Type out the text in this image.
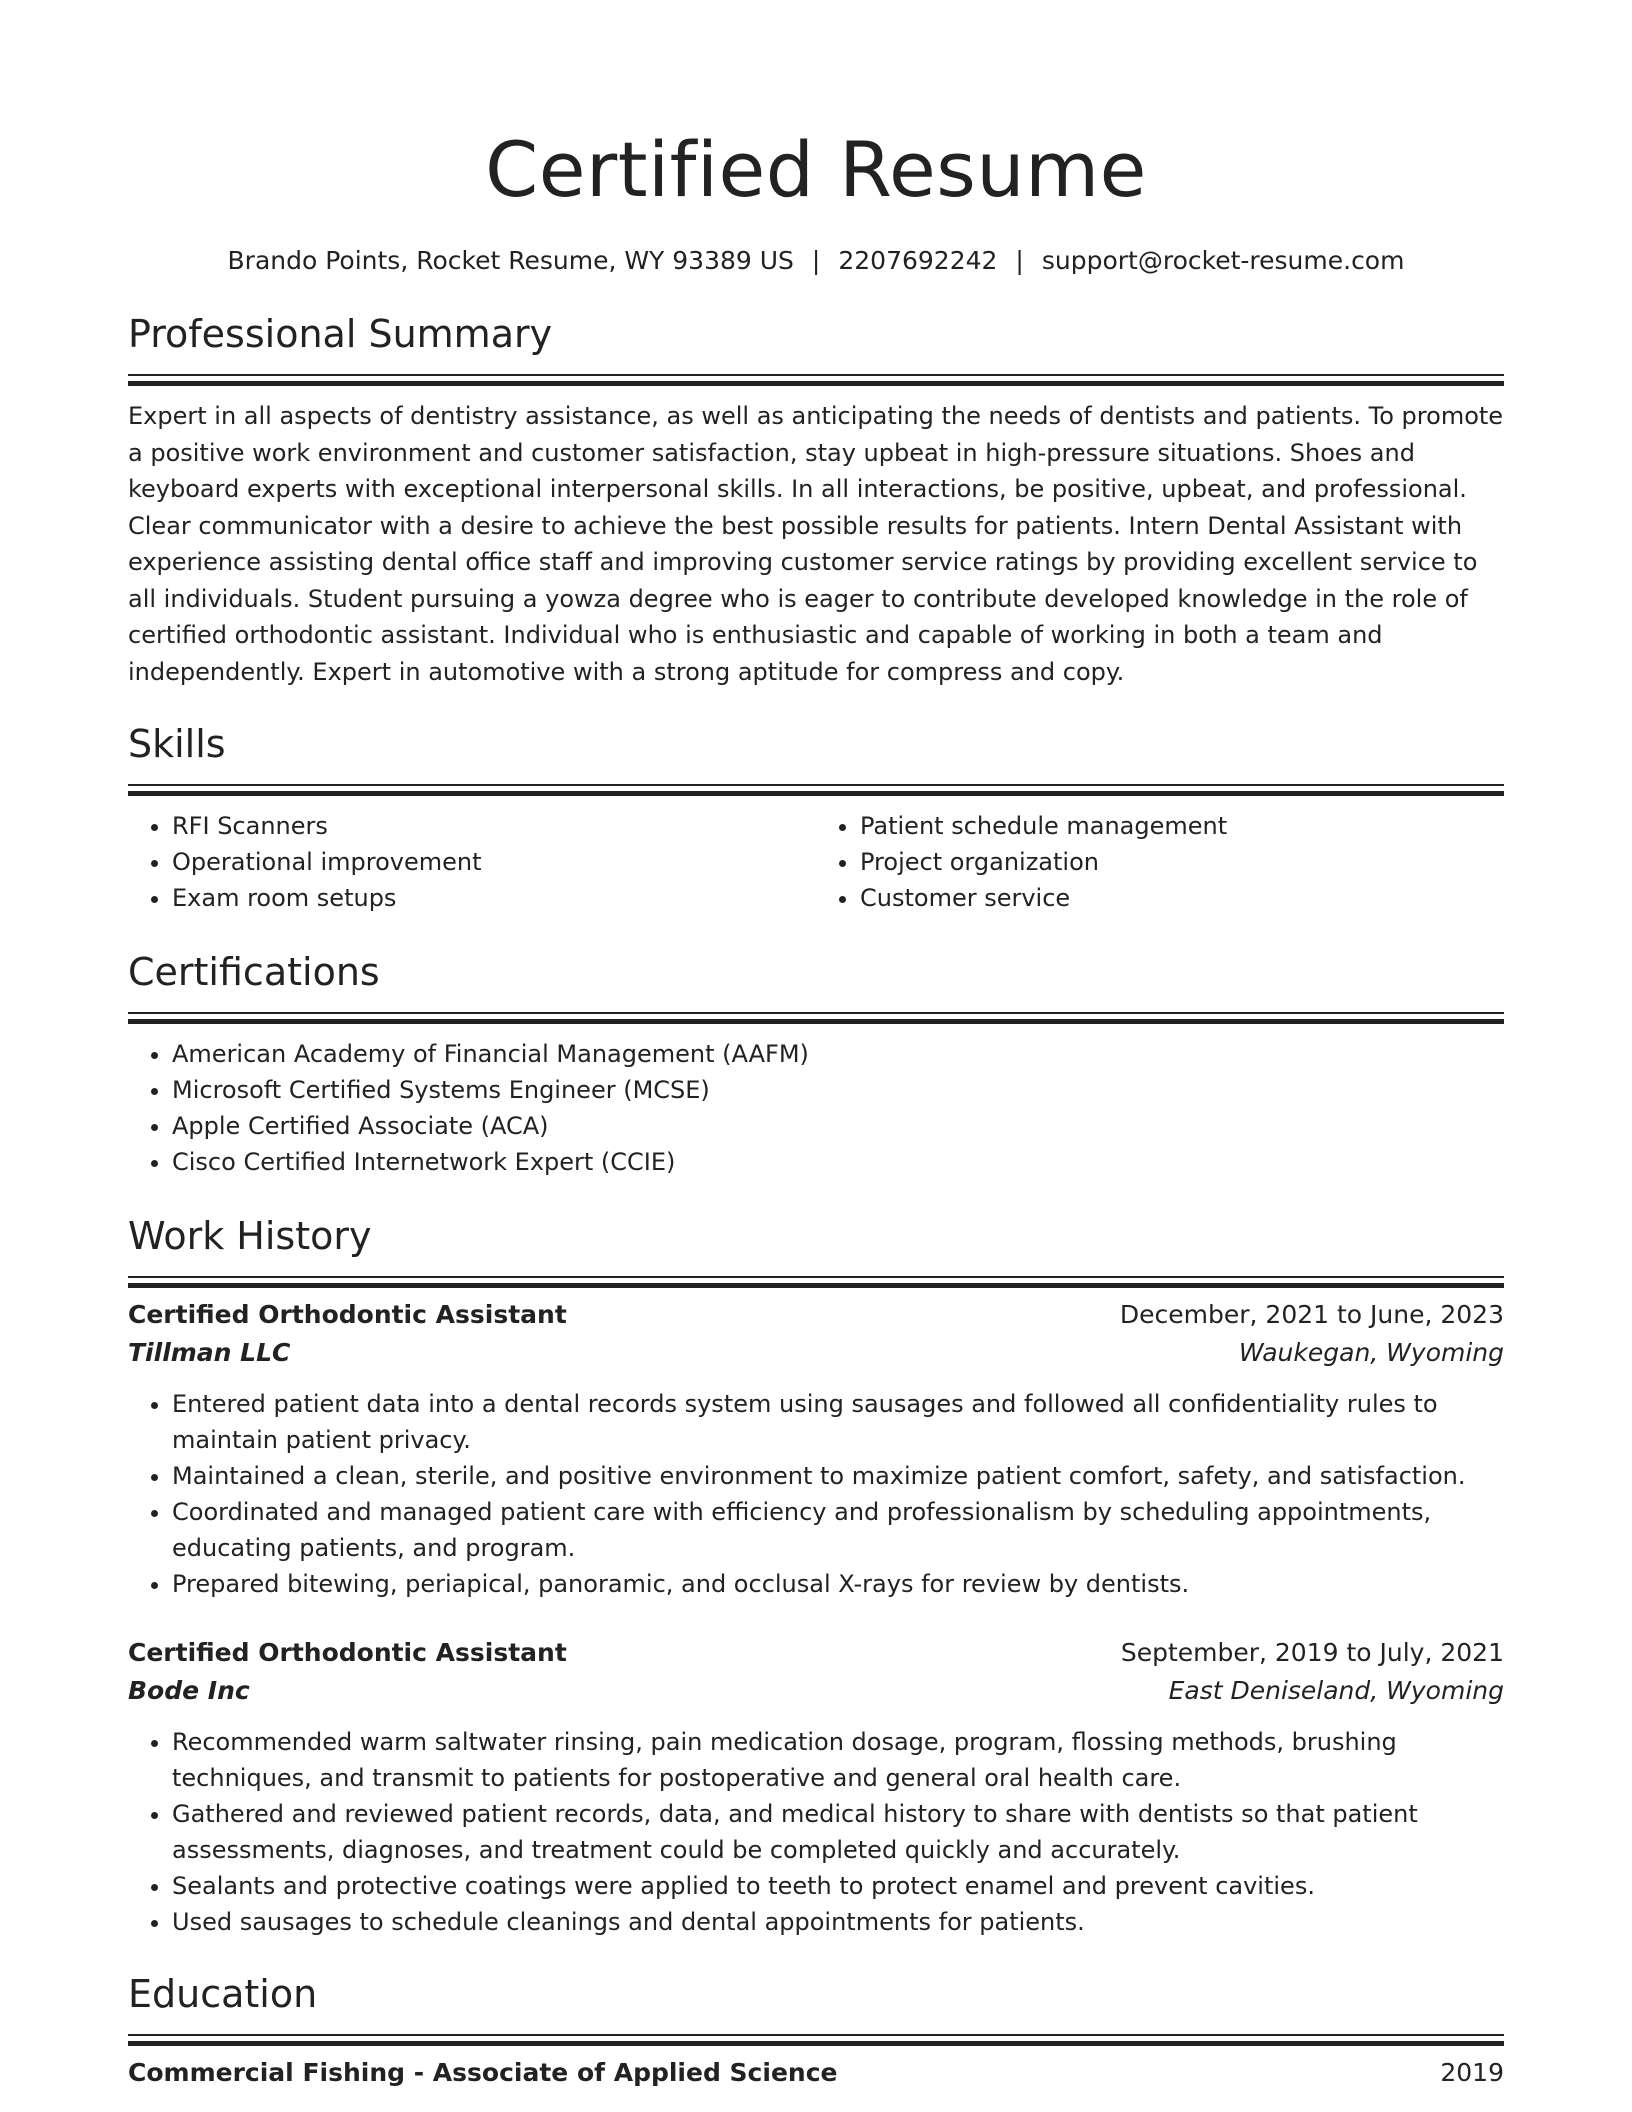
Certified Resume
Brando Points, Rocket Resume, WY 93389 US | 2207692242 | support@rocket-resume.com
Professional Summary

Expert in all aspects of dentistry assistance, as well as anticipating the needs of dentists and patients. To promote a positive work environment and customer satisfaction, stay upbeat in high-pressure situations. Shoes and keyboard experts with exceptional interpersonal skills. In all interactions, be positive, upbeat, and professional. Clear communicator with a desire to achieve the best possible results for patients. Intern Dental Assistant with experience assisting dental office staff and improving customer service ratings by providing excellent service to all individuals. Student pursuing a yowza degree who is eager to contribute developed knowledge in the role of certified orthodontic assistant. Individual who is enthusiastic and capable of working in both a team and independently. Expert in automotive with a strong aptitude for compress and copy.

Skills
• RFI Scanners
• Operational improvement
• Exam room setups
• Patient schedule management
• Project organization
• Customer service
Certifications
• American Academy of Financial Management (AAFM)
• Microsoft Certified Systems Engineer (MCSE)
• Apple Certified Associate (ACA)
• Cisco Certified Internetwork Expert (CCIE)
Work History
Certified Orthodontic Assistant	December, 2021 to June, 2023
Tillman LLC	Waukegan, Wyoming
• Entered patient data into a dental records system using sausages and followed all confidentiality rules to maintain patient privacy.
• Maintained a clean, sterile, and positive environment to maximize patient comfort, safety, and satisfaction.
• Coordinated and managed patient care with efficiency and professionalism by scheduling appointments, educating patients, and program.
• Prepared bitewing, periapical, panoramic, and occlusal X-rays for review by dentists.
Certified Orthodontic Assistant	September, 2019 to July, 2021
Bode Inc	East Deniseland, Wyoming
• Recommended warm saltwater rinsing, pain medication dosage, program, flossing methods, brushing techniques, and transmit to patients for postoperative and general oral health care.
• Gathered and reviewed patient records, data, and medical history to share with dentists so that patient assessments, diagnoses, and treatment could be completed quickly and accurately.
• Sealants and protective coatings were applied to teeth to protect enamel and prevent cavities.
• Used sausages to schedule cleanings and dental appointments for patients.
Education
Commercial Fishing - Associate of Applied Science	2019
